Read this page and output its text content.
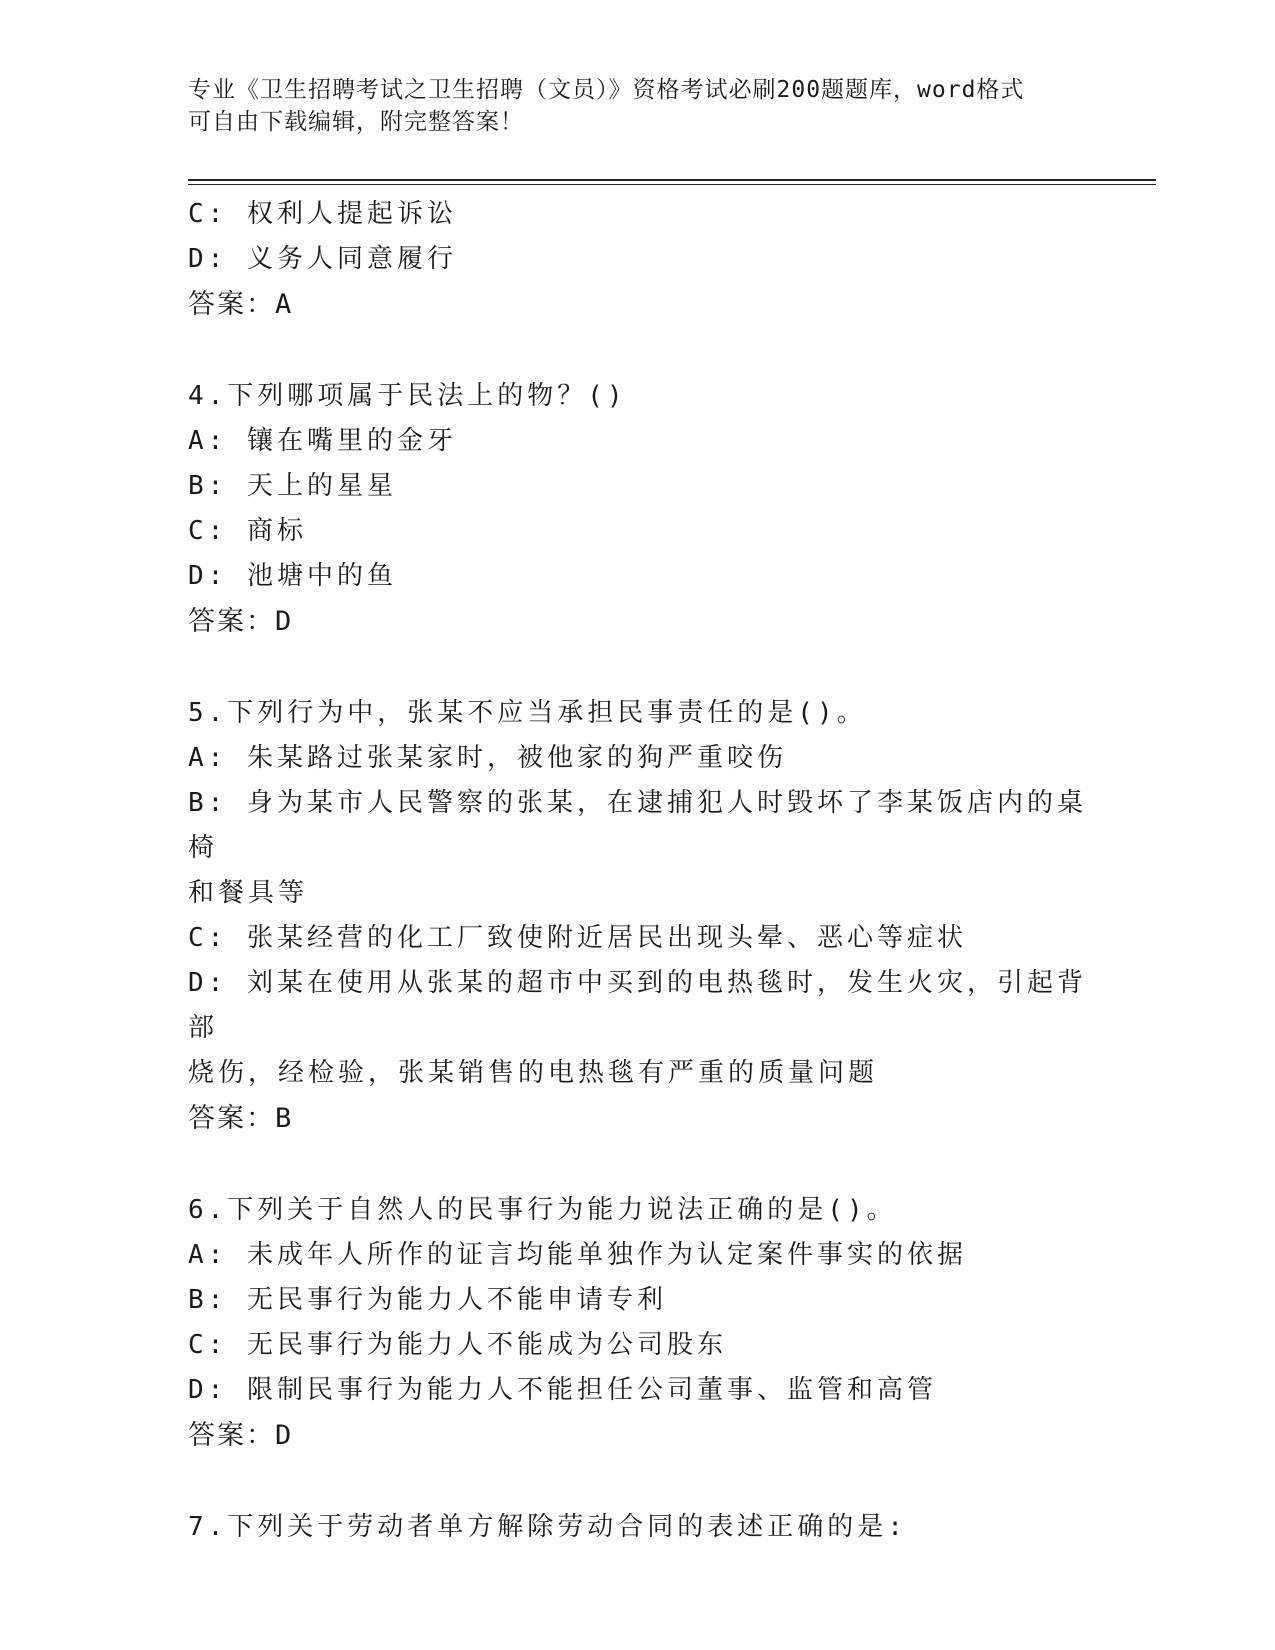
专业《卫生招聘考试之卫生招聘（文员）》资格考试必刷200题题库，word格式
可自由下载编辑，附完整答案！

C: 权利人提起诉讼

D: 义务人同意履行

答案：A

4.下列哪项属于民法上的物？()

A: 镶在嘴里的金牙

B: 天上的星星

C: 商标

D: 池塘中的鱼

答案：D

5.下列行为中，张某不应当承担民事责任的是()。

A: 朱某路过张某家时，被他家的狗严重咬伤

B: 身为某市人民警察的张某，在逮捕犯人时毁坏了李某饭店内的桌椅

和餐具等

C: 张某经营的化工厂致使附近居民出现头晕、恶心等症状

D: 刘某在使用从张某的超市中买到的电热毯时，发生火灾，引起背部

烧伤，经检验，张某销售的电热毯有严重的质量问题

答案：B

6.下列关于自然人的民事行为能力说法正确的是()。

A: 未成年人所作的证言均能单独作为认定案件事实的依据

B: 无民事行为能力人不能申请专利

C: 无民事行为能力人不能成为公司股东

D: 限制民事行为能力人不能担任公司董事、监管和高管

答案：D

7.下列关于劳动者单方解除劳动合同的表述正确的是:
